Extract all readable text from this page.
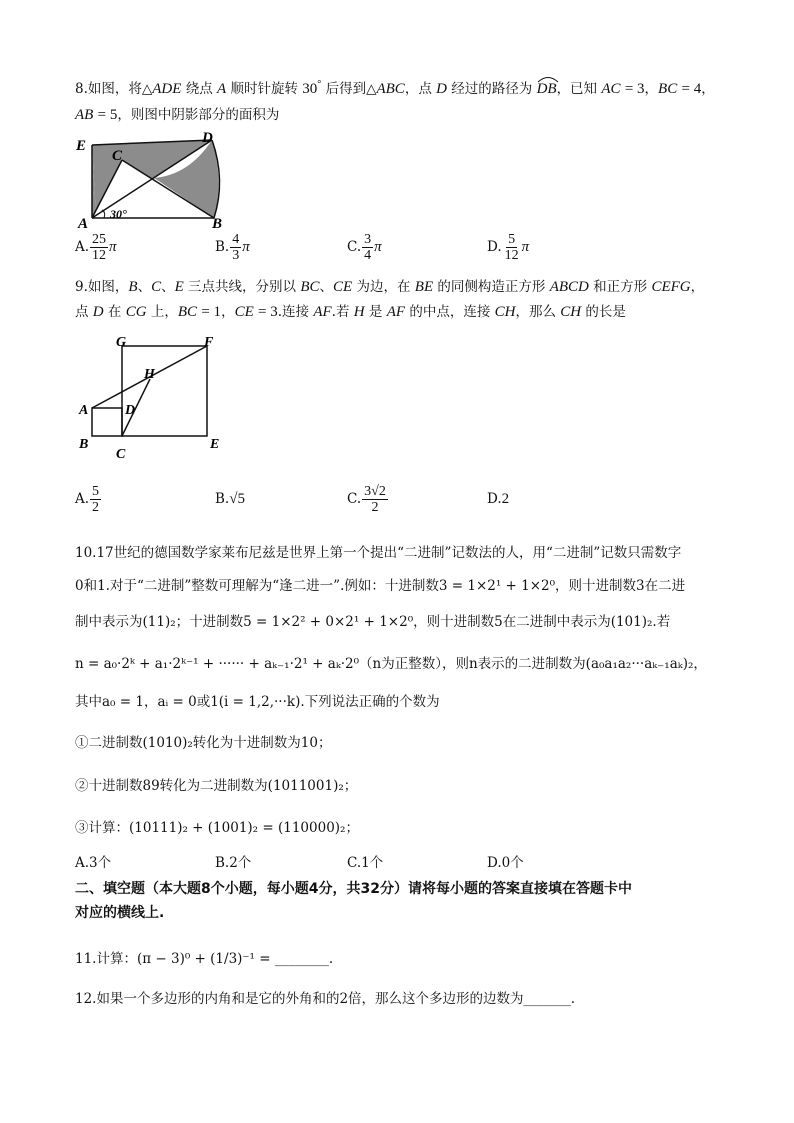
8.如图，将△ADE 绕点 A 顺时针旋转 30° 后得到△ABC，点 D 经过的路径为 DB
，已知 AC = 3，BC = 4，
AB = 5，则图中阴影部分的面积为
E	D
C
A	B
30°
A. $\frac{25}{12}$ π	B. $\frac{4}{3}$ π	C. $\frac{3}{4}$ π	D. $\frac{5}{12}$ π
9.如图，B、C、E 三点共线，分别以 BC、CE 为边，在 BE 的同侧构造正方形 ABCD 和正方形 CEFG，
点 D 在 CG 上，BC = 1，CE = 3.连接 AF.若 H 是 AF 的中点，连接 CH，那么 CH 的长是
G	F
H
A	D
B
C
E
A. $\frac{5}{2}$	B.√5	C. $\frac{3√2}{2}$	D.2
10.17世纪的德国数学家莱布尼兹是世界上第一个提出“二进制”记数法的人，用“二进制”记数只需数字
0和1.对于“二进制”整数可理解为“逢二进一”.例如：十进制数3 = 1×2¹ + 1×2⁰，则十进制数3在二进
制中表示为(11)₂；十进制数5 = 1×2² + 0×2¹ + 1×2⁰，则十进制数5在二进制中表示为(101)₂.若
n = a₀·2ᵏ + a₁·2ᵏ⁻¹ + ······ + aₖ₋₁·2¹ + aₖ·2⁰（n为正整数），则n表示的二进制数为(a₀a₁a₂···aₖ₋₁aₖ)₂，
其中a₀ = 1，aᵢ = 0或1(i = 1,2,···k).下列说法正确的个数为
①二进制数(1010)₂转化为十进制数为10；
②十进制数89转化为二进制数为(1011001)₂；
③计算：(10111)₂ + (1001)₂ = (110000)₂；
A.3个	B.2个	C.1个	D.0个
二、填空题（本大题8个小题，每小题4分，共32分）请将每小题的答案直接填在答题卡中
对应的横线上.
11.计算：(π − 3)⁰ + (1/3)⁻¹ = ________.
12.如果一个多边形的内角和是它的外角和的2倍，那么这个多边形的边数为_______.
